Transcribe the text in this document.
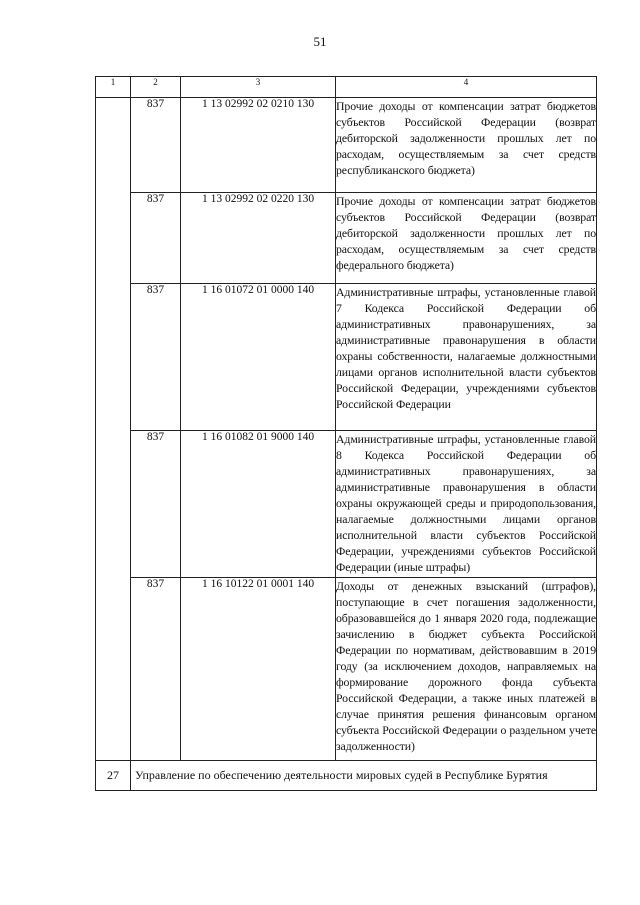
51
1	2	3	4
	837	1 13 02992 02 0210 130	Прочие доходы от компенсации затрат бюджетов субъектов Российской Федерации (возврат дебиторской задолженности прошлых лет по расходам, осуществляемым за счет средств республиканского бюджета)
	837	1 13 02992 02 0220 130	Прочие доходы от компенсации затрат бюджетов субъектов Российской Федерации (возврат дебиторской задолженности прошлых лет по расходам, осуществляемым за счет средств федерального бюджета)
	837	1 16 01072 01 0000 140	Административные штрафы, установленные главой 7 Кодекса Российской Федерации об административных правонарушениях, за административные правонарушения в области охраны собственности, налагаемые должностными лицами органов исполнительной власти субъектов Российской Федерации, учреждениями субъектов Российской Федерации
	837	1 16 01082 01 9000 140	Административные штрафы, установленные главой 8 Кодекса Российской Федерации об административных правонарушениях, за административные правонарушения в области охраны окружающей среды и природопользования, налагаемые должностными лицами органов исполнительной власти субъектов Российской Федерации, учреждениями субъектов Российской Федерации (иные штрафы)
	837	1 16 10122 01 0001 140	Доходы от денежных взысканий (штрафов), поступающие в счет погашения задолженности, образовавшейся до 1 января 2020 года, подлежащие зачислению в бюджет субъекта Российской Федерации по нормативам, действовавшим в 2019 году (за исключением доходов, направляемых на формирование дорожного фонда субъекта Российской Федерации, а также иных платежей в случае принятия решения финансовым органом субъекта Российской Федерации о раздельном учете задолженности)
27	Управление по обеспечению деятельности мировых судей в Республике Бурятия		
